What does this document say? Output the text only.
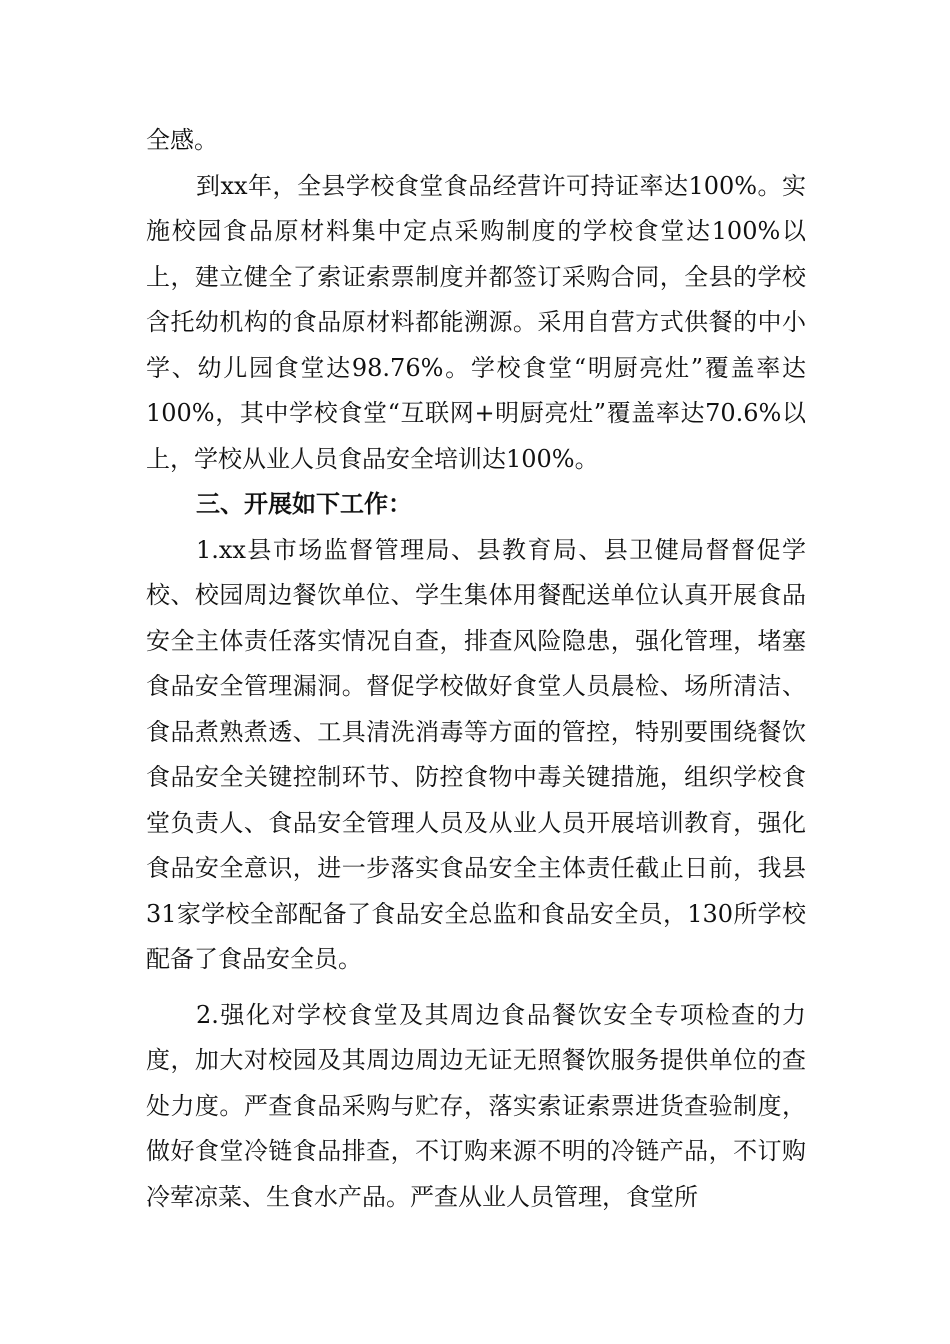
全感。

到xx年，全县学校食堂食品经营许可持证率达100%。实施校园食品原材料集中定点采购制度的学校食堂达100%以上，建立健全了索证索票制度并都签订采购合同，全县的学校含托幼机构的食品原材料都能溯源。采用自营方式供餐的中小学、幼儿园食堂达98.76%。学校食堂“明厨亮灶”覆盖率达100%，其中学校食堂“互联网+明厨亮灶”覆盖率达70.6%以上，学校从业人员食品安全培训达100%。

三、开展如下工作：

1.xx县市场监督管理局、县教育局、县卫健局督督促学校、校园周边餐饮单位、学生集体用餐配送单位认真开展食品安全主体责任落实情况自查，排查风险隐患，强化管理，堵塞食品安全管理漏洞。督促学校做好食堂人员晨检、场所清洁、食品煮熟煮透、工具清洗消毒等方面的管控，特别要围绕餐饮食品安全关键控制环节、防控食物中毒关键措施，组织学校食堂负责人、食品安全管理人员及从业人员开展培训教育，强化食品安全意识，进一步落实食品安全主体责任截止日前，我县31家学校全部配备了食品安全总监和食品安全员，130所学校配备了食品安全员。

2.强化对学校食堂及其周边食品餐饮安全专项检查的力度，加大对校园及其周边周边无证无照餐饮服务提供单位的查处力度。严查食品采购与贮存，落实索证索票进货查验制度，做好食堂冷链食品排查，不订购来源不明的冷链产品，不订购冷荤凉菜、生食水产品。严查从业人员管理，食堂所
